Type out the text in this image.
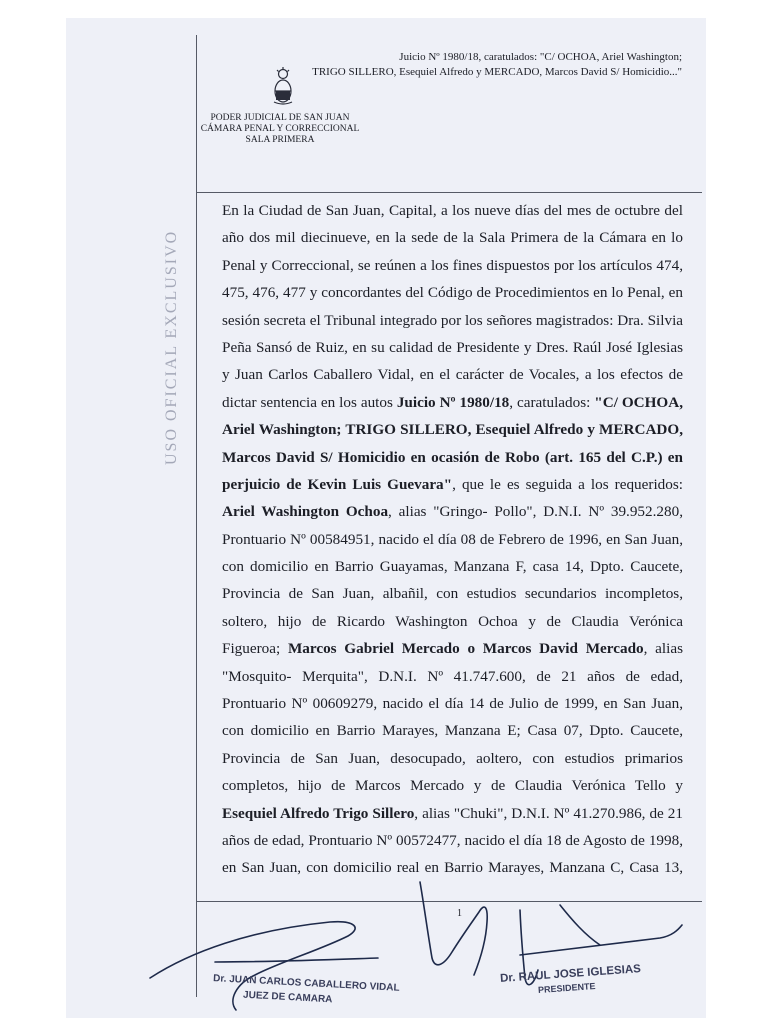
Juicio Nº 1980/18, caratulados: "C/ OCHOA, Ariel Washington;
TRIGO SILLERO, Esequiel Alfredo y MERCADO, Marcos David S/ Homicidio..."
PODER JUDICIAL DE SAN JUAN
CÁMARA PENAL Y CORRECCIONAL
SALA PRIMERA
USO OFICIAL EXCLUSIVO
En la Ciudad de San Juan, Capital, a los nueve días del mes de octubre del
año dos mil diecinueve, en la sede de la Sala Primera de la Cámara en lo
Penal y Correccional, se reúnen a los fines dispuestos por los artículos 474,
475, 476, 477 y concordantes del Código de Procedimientos en lo Penal, en
sesión secreta el Tribunal integrado por los señores magistrados: Dra. Silvia
Peña Sansó de Ruiz, en su calidad de Presidente y Dres. Raúl José Iglesias
y Juan Carlos Caballero Vidal, en el carácter de Vocales, a los efectos de
dictar sentencia en los autos Juicio Nº 1980/18, caratulados: "C/ OCHOA,
Ariel Washington; TRIGO SILLERO, Esequiel Alfredo y MERCADO,
Marcos David S/ Homicidio en ocasión de Robo (art. 165 del C.P.) en
perjuicio de Kevin Luis Guevara", que le es seguida a los requeridos:
Ariel Washington Ochoa, alias "Gringo- Pollo", D.N.I. Nº 39.952.280,
Prontuario Nº 00584951, nacido el día 08 de Febrero de 1996, en San Juan,
con domicilio en Barrio Guayamas, Manzana F, casa 14, Dpto. Caucete,
Provincia de San Juan, albañil, con estudios secundarios incompletos,
soltero, hijo de Ricardo Washington Ochoa y de Claudia Verónica
Figueroa; Marcos Gabriel Mercado o Marcos David Mercado, alias
"Mosquito- Merquita", D.N.I. Nº 41.747.600, de 21 años de edad,
Prontuario Nº 00609279, nacido el día 14 de Julio de 1999, en San Juan,
con domicilio en Barrio Marayes, Manzana E; Casa 07, Dpto. Caucete,
Provincia de San Juan, desocupado, aoltero, con estudios primarios
completos, hijo de Marcos Mercado y de Claudia Verónica Tello y
Esequiel Alfredo Trigo Sillero, alias "Chuki", D.N.I. Nº 41.270.986, de 21
años de edad, Prontuario Nº 00572477, nacido el día 18 de Agosto de 1998,
en San Juan, con domicilio real en Barrio Marayes, Manzana C, Casa 13,
1
Dr. JUAN CARLOS CABALLERO VIDAL
JUEZ DE CAMARA
Dr. RAUL JOSE IGLESIAS
PRESIDENTE
